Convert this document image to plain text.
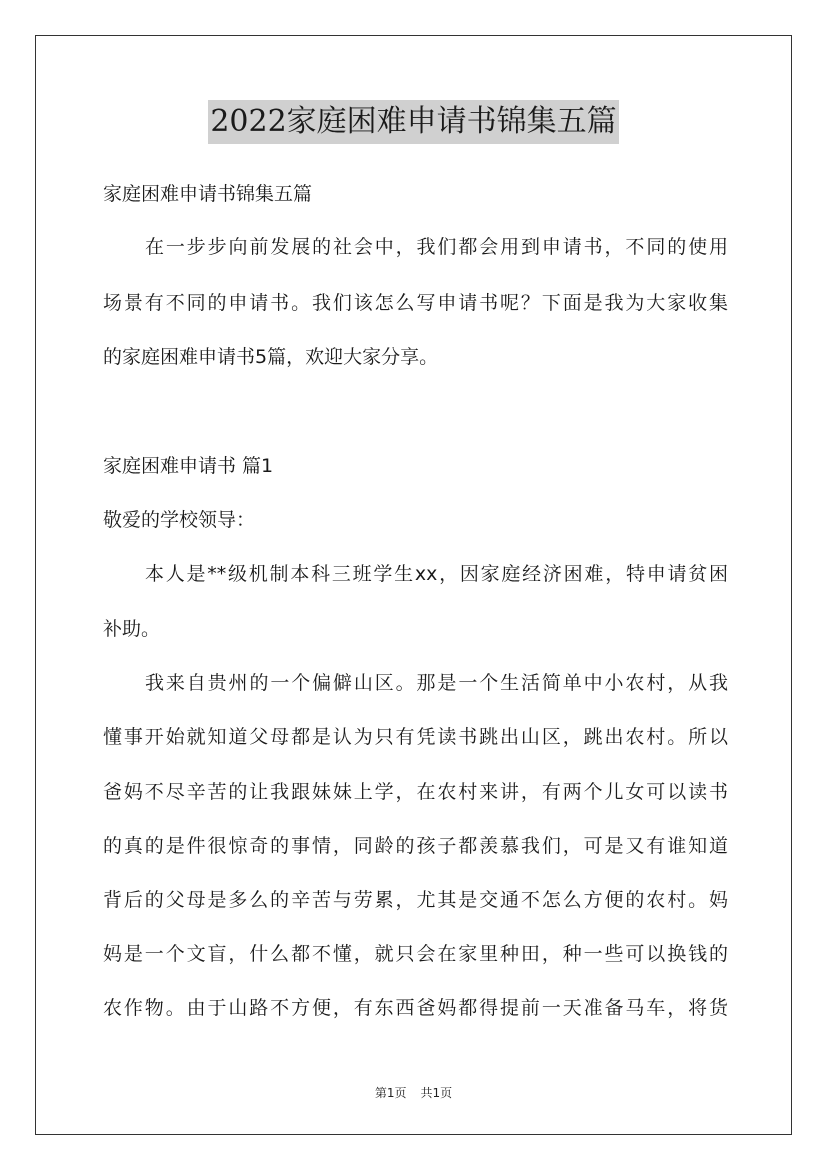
2022家庭困难申请书锦集五篇
家庭困难申请书锦集五篇
在一步步向前发展的社会中，我们都会用到申请书，不同的使用
场景有不同的申请书。我们该怎么写申请书呢？下面是我为大家收集
的家庭困难申请书5篇，欢迎大家分享。
家庭困难申请书 篇1
敬爱的学校领导：
本人是**级机制本科三班学生xx，因家庭经济困难，特申请贫困
补助。
我来自贵州的一个偏僻山区。那是一个生活简单中小农村，从我
懂事开始就知道父母都是认为只有凭读书跳出山区，跳出农村。所以
爸妈不尽辛苦的让我跟妹妹上学，在农村来讲，有两个儿女可以读书
的真的是件很惊奇的事情，同龄的孩子都羡慕我们，可是又有谁知道
背后的父母是多么的辛苦与劳累，尤其是交通不怎么方便的农村。妈
妈是一个文盲，什么都不懂，就只会在家里种田，种一些可以换钱的
农作物。由于山路不方便，有东西爸妈都得提前一天准备马车，将货
第1页 共1页
